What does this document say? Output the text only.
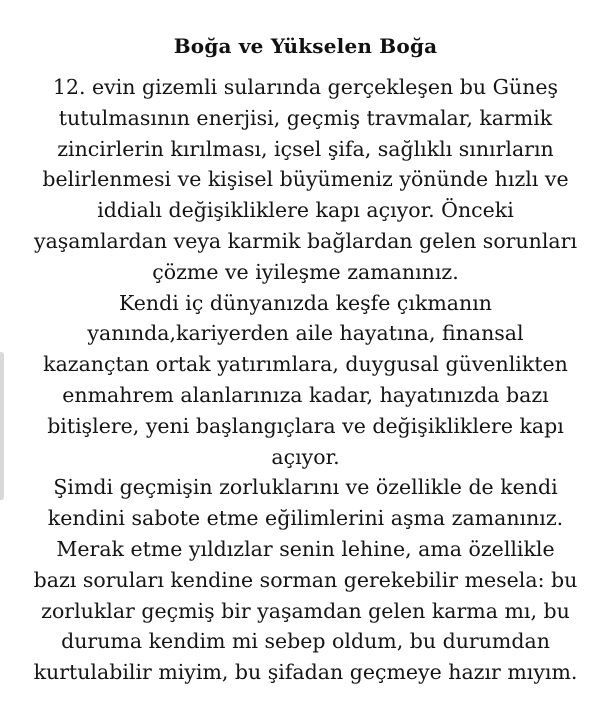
Boğa ve Yükselen Boğa
12. evin gizemli sularında gerçekleşen bu Güneş
tutulmasının enerjisi, geçmiş travmalar, karmik
zincirlerin kırılması, içsel şifa, sağlıklı sınırların
belirlenmesi ve kişisel büyümeniz yönünde hızlı ve
iddialı değişikliklere kapı açıyor. Önceki
yaşamlardan veya karmik bağlardan gelen sorunları
çözme ve iyileşme zamanınız.
Kendi iç dünyanızda keşfe çıkmanın
yanında,kariyerden aile hayatına, finansal
kazançtan ortak yatırımlara, duygusal güvenlikten
enmahrem alanlarınıza kadar, hayatınızda bazı
bitişlere, yeni başlangıçlara ve değişikliklere kapı
açıyor.
Şimdi geçmişin zorluklarını ve özellikle de kendi
kendini sabote etme eğilimlerini aşma zamanınız.
Merak etme yıldızlar senin lehine, ama özellikle
bazı soruları kendine sorman gerekebilir mesela: bu
zorluklar geçmiş bir yaşamdan gelen karma mı, bu
duruma kendim mi sebep oldum, bu durumdan
kurtulabilir miyim, bu şifadan geçmeye hazır mıyım.
